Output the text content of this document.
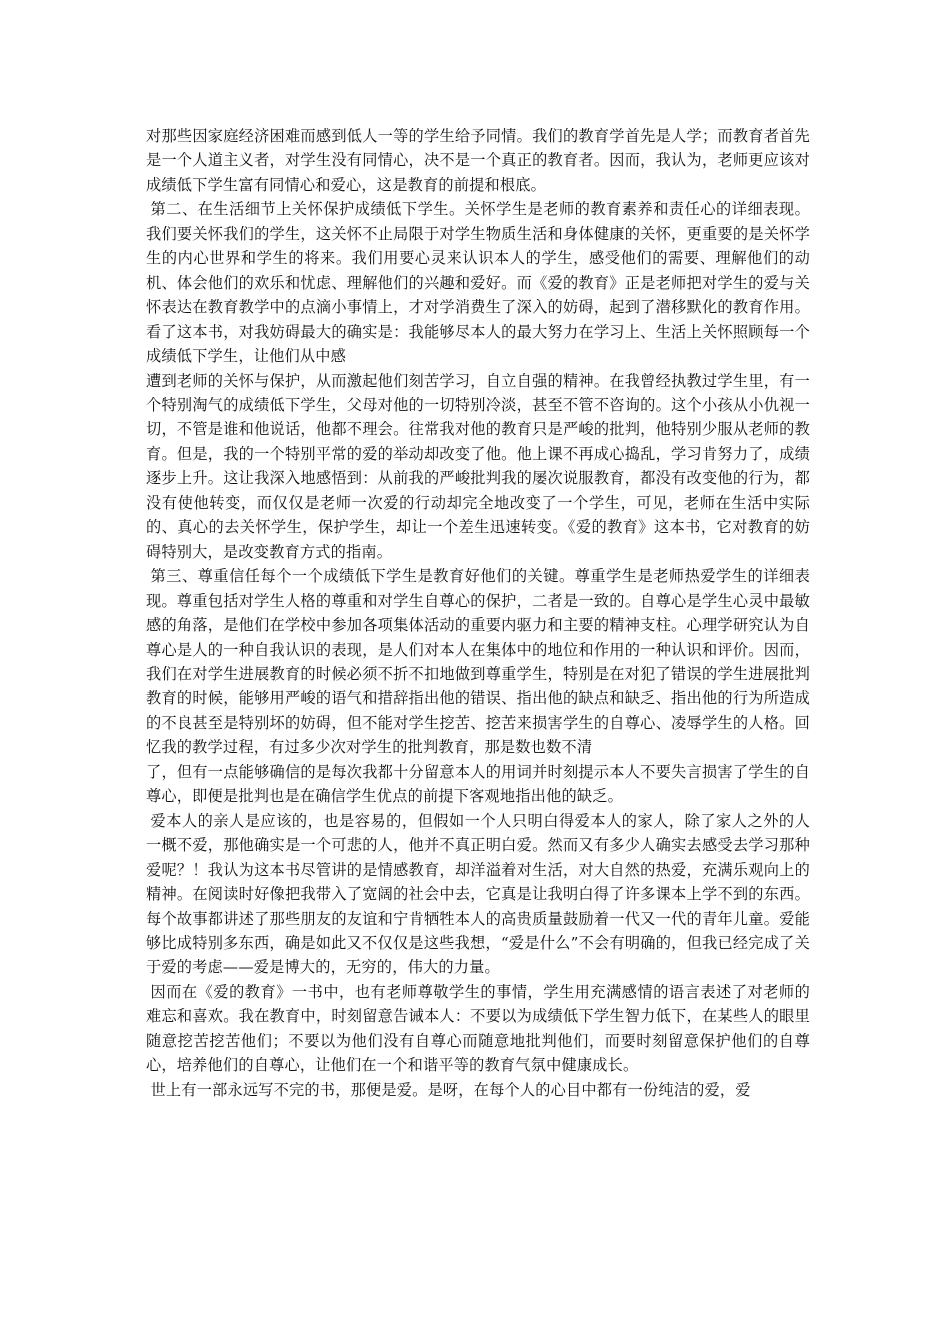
对那些因家庭经济困难而感到低人一等的学生给予同情。我们的教育学首先是人学；而教育者首先是一个人道主义者，对学生没有同情心，决不是一个真正的教育者。因而，我认为，老师更应该对成绩低下学生富有同情心和爱心，这是教育的前提和根底。

第二、在生活细节上关怀保护成绩低下学生。关怀学生是老师的教育素养和责任心的详细表现。我们要关怀我们的学生，这关怀不止局限于对学生物质生活和身体健康的关怀，更重要的是关怀学生的内心世界和学生的将来。我们用要心灵来认识本人的学生，感受他们的需要、理解他们的动机、体会他们的欢乐和忧虑、理解他们的兴趣和爱好。而《爱的教育》正是老师把对学生的爱与关怀表达在教育教学中的点滴小事情上，才对学消费生了深入的妨碍，起到了潜移默化的教育作用。看了这本书，对我妨碍最大的确实是：我能够尽本人的最大努力在学习上、生活上关怀照顾每一个成绩低下学生，让他们从中感

遭到老师的关怀与保护，从而激起他们刻苦学习，自立自强的精神。在我曾经执教过学生里，有一个特别淘气的成绩低下学生，父母对他的一切特别冷淡，甚至不管不咨询的。这个小孩从小仇视一切，不管是谁和他说话，他都不理会。往常我对他的教育只是严峻的批判，他特别少服从老师的教育。但是，我的一个特别平常的爱的举动却改变了他。他上课不再成心捣乱，学习肯努力了，成绩逐步上升。这让我深入地感悟到：从前我的严峻批判我的屡次说服教育，都没有改变他的行为，都没有使他转变，而仅仅是老师一次爱的行动却完全地改变了一个学生，可见，老师在生活中实际的、真心的去关怀学生，保护学生，却让一个差生迅速转变。《爱的教育》这本书，它对教育的妨碍特别大，是改变教育方式的指南。

第三、尊重信任每个一个成绩低下学生是教育好他们的关键。尊重学生是老师热爱学生的详细表现。尊重包括对学生人格的尊重和对学生自尊心的保护，二者是一致的。自尊心是学生心灵中最敏感的角落，是他们在学校中参加各项集体活动的重要内驱力和主要的精神支柱。心理学研究认为自尊心是人的一种自我认识的表现，是人们对本人在集体中的地位和作用的一种认识和评价。因而，我们在对学生进展教育的时候必须不折不扣地做到尊重学生，特别是在对犯了错误的学生进展批判教育的时候，能够用严峻的语气和措辞指出他的错误、指出他的缺点和缺乏、指出他的行为所造成的不良甚至是特别坏的妨碍，但不能对学生挖苦、挖苦来损害学生的自尊心、凌辱学生的人格。回忆我的教学过程，有过多少次对学生的批判教育，那是数也数不清

了，但有一点能够确信的是每次我都十分留意本人的用词并时刻提示本人不要失言损害了学生的自尊心，即便是批判也是在确信学生优点的前提下客观地指出他的缺乏。

爱本人的亲人是应该的，也是容易的，但假如一个人只明白得爱本人的家人，除了家人之外的人一概不爱，那他确实是一个可悲的人，他并不真正明白爱。然而又有多少人确实去感受去学习那种爱呢？！我认为这本书尽管讲的是情感教育，却洋溢着对生活，对大自然的热爱，充满乐观向上的精神。在阅读时好像把我带入了宽阔的社会中去，它真是让我明白得了许多课本上学不到的东西。每个故事都讲述了那些朋友的友谊和宁肯牺牲本人的高贵质量鼓励着一代又一代的青年儿童。爱能够比成特别多东西，确是如此又不仅仅是这些我想，“爱是什么”不会有明确的，但我已经完成了关于爱的考虑——爱是博大的，无穷的，伟大的力量。

因而在《爱的教育》一书中，也有老师尊敬学生的事情，学生用充满感情的语言表述了对老师的难忘和喜欢。我在教育中，时刻留意告诫本人：不要以为成绩低下学生智力低下，在某些人的眼里随意挖苦挖苦他们；不要以为他们没有自尊心而随意地批判他们，而要时刻留意保护他们的自尊心，培养他们的自尊心，让他们在一个和谐平等的教育气氛中健康成长。

世上有一部永远写不完的书，那便是爱。是呀，在每个人的心目中都有一份纯洁的爱，爱
